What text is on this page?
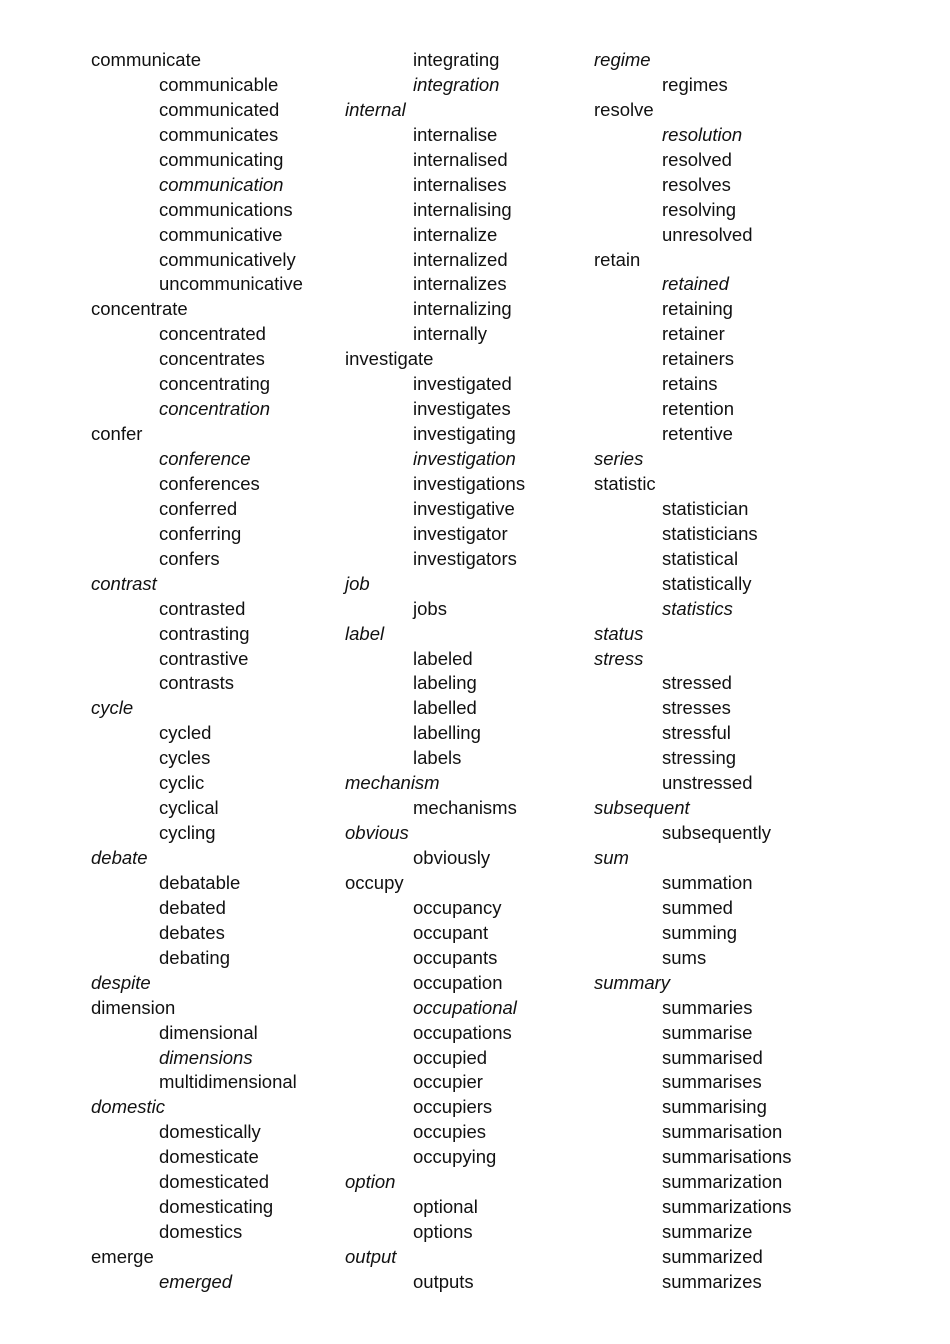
communicate
communicable
communicated
communicates
communicating
communication
communications
communicative
communicatively
uncommunicative
concentrate
concentrated
concentrates
concentrating
concentration
confer
conference
conferences
conferred
conferring
confers
contrast
contrasted
contrasting
contrastive
contrasts
cycle
cycled
cycles
cyclic
cyclical
cycling
debate
debatable
debated
debates
debating
despite
dimension
dimensional
dimensions
multidimensional
domestic
domestically
domesticate
domesticated
domesticating
domestics
emerge
emerged
integrating
integration
internal
internalise
internalised
internalises
internalising
internalize
internalized
internalizes
internalizing
internally
investigate
investigated
investigates
investigating
investigation
investigations
investigative
investigator
investigators
job
jobs
label
labeled
labeling
labelled
labelling
labels
mechanism
mechanisms
obvious
obviously
occupy
occupancy
occupant
occupants
occupation
occupational
occupations
occupied
occupier
occupiers
occupies
occupying
option
optional
options
output
outputs
regime
regimes
resolve
resolution
resolved
resolves
resolving
unresolved
retain
retained
retaining
retainer
retainers
retains
retention
retentive
series
statistic
statistician
statisticians
statistical
statistically
statistics
status
stress
stressed
stresses
stressful
stressing
unstressed
subsequent
subsequently
sum
summation
summed
summing
sums
summary
summaries
summarise
summarised
summarises
summarising
summarisation
summarisations
summarization
summarizations
summarize
summarized
summarizes
